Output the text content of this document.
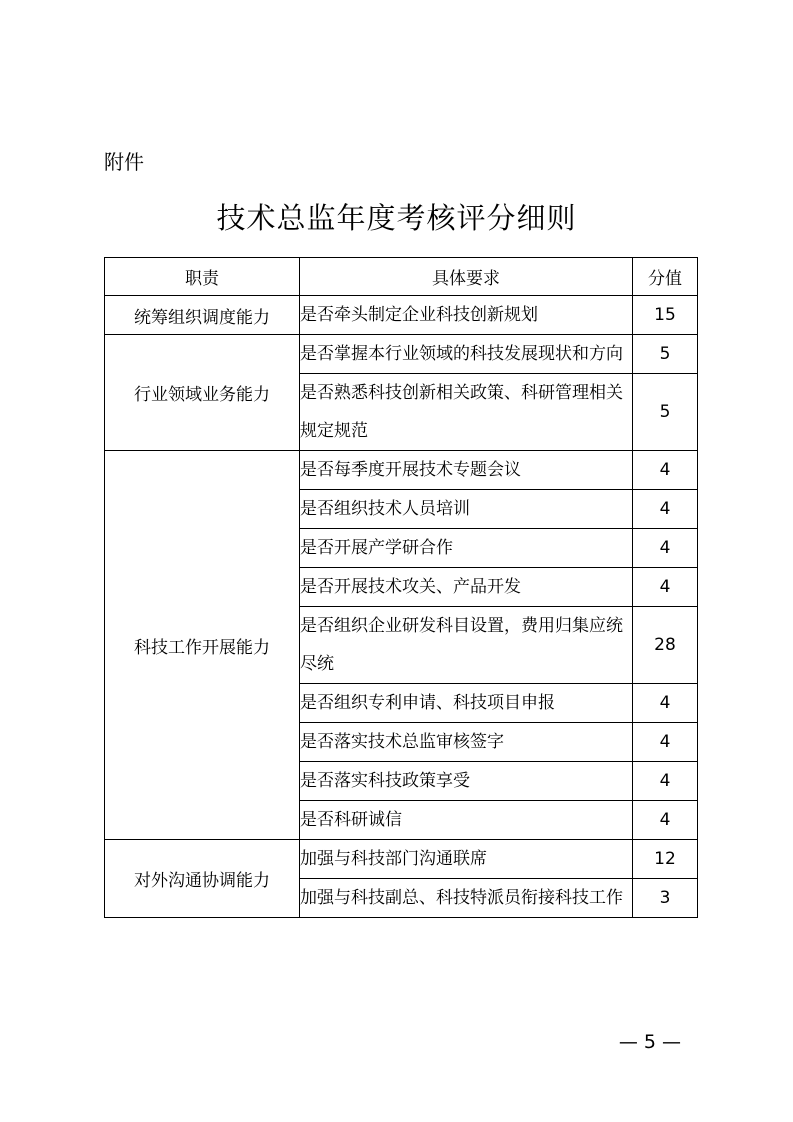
附件
技术总监年度考核评分细则
职责	具体要求	分值
统筹组织调度能力	是否牵头制定企业科技创新规划	15
行业领域业务能力	是否掌握本行业领域的科技发展现状和方向	5
	是否熟悉科技创新相关政策、科研管理相关规定规范	5
科技工作开展能力	是否每季度开展技术专题会议	4
	是否组织技术人员培训	4
	是否开展产学研合作	4
	是否开展技术攻关、产品开发	4
	是否组织企业研发科目设置，费用归集应统尽统	28
	是否组织专利申请、科技项目申报	4
	是否落实技术总监审核签字	4
	是否落实科技政策享受	4
	是否科研诚信	4
对外沟通协调能力	加强与科技部门沟通联席	12
	加强与科技副总、科技特派员衔接科技工作	3
— 5 —
